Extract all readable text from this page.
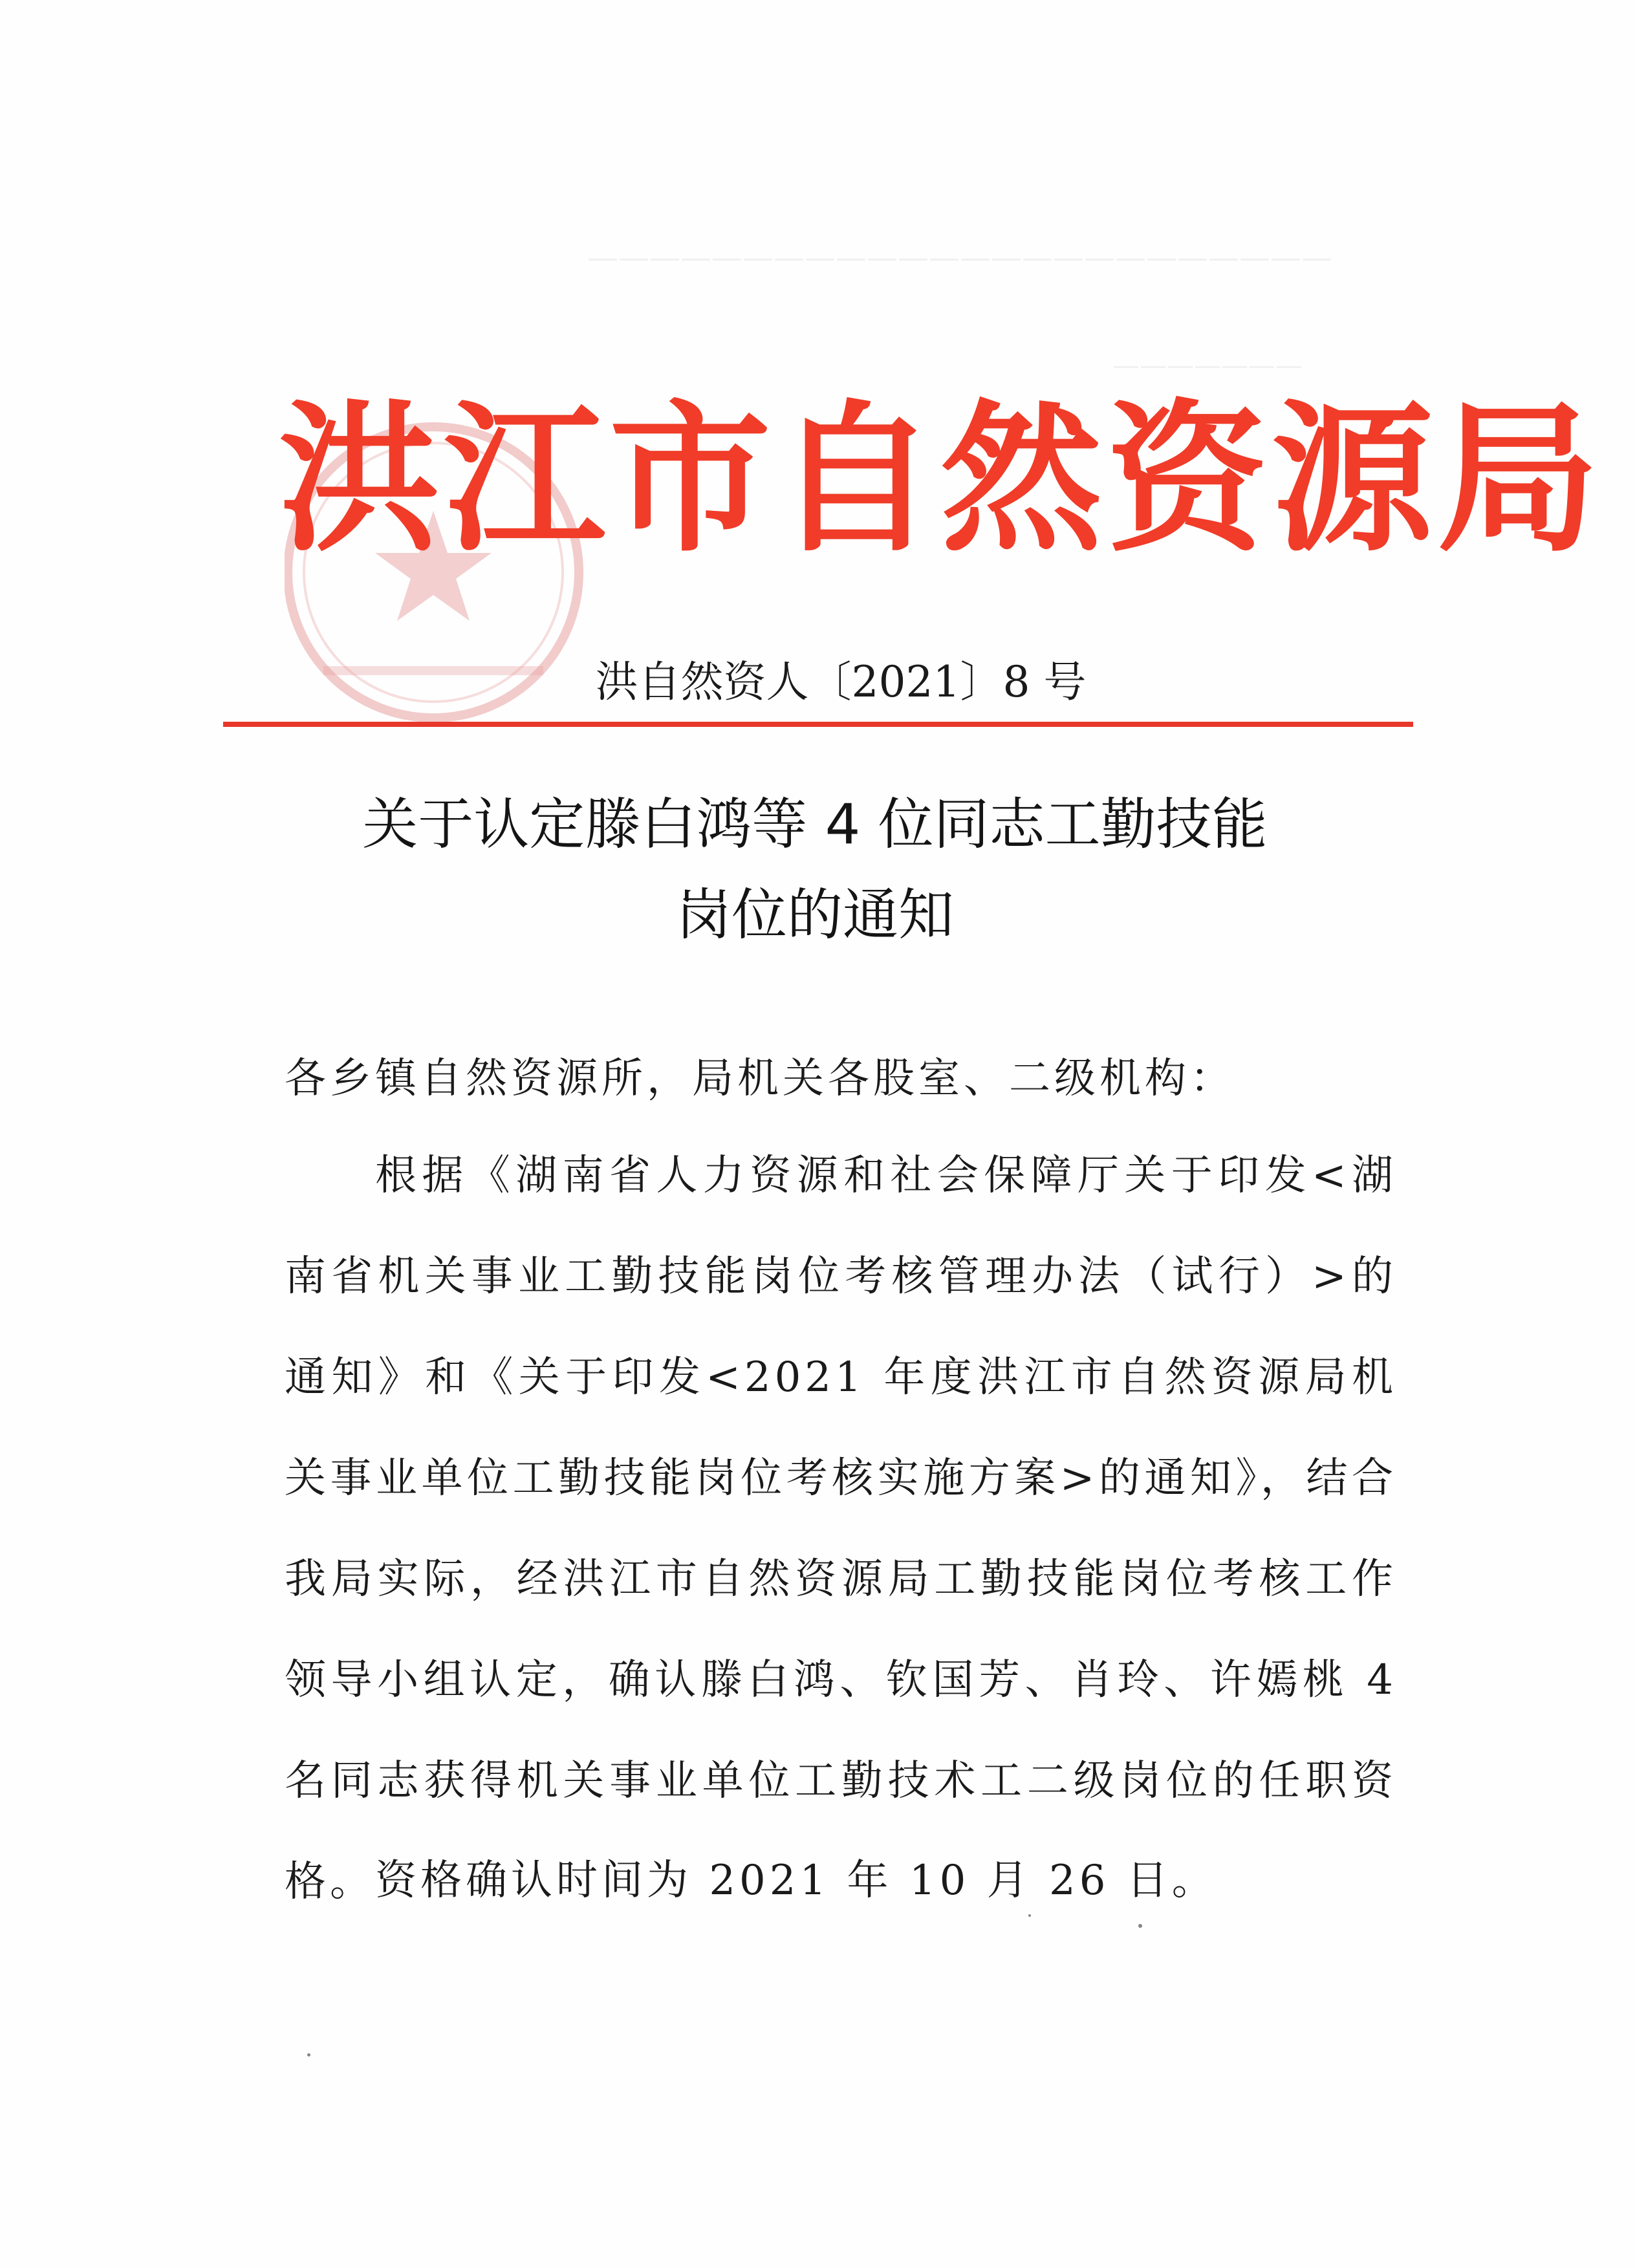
————————————————————————
———————
洪江市自然资源局
洪自然资人〔2021〕8 号
关于认定滕白鸿等 4 位同志工勤技能
岗位的通知
各乡镇自然资源所，局机关各股室、二级机构：
根据《湖南省人力资源和社会保障厅关于印发<湖南省机关事业工勤技能岗位考核管理办法（试行）>的通知》和《关于印发<2021 年度洪江市自然资源局机关事业单位工勤技能岗位考核实施方案>的通知》，结合我局实际，经洪江市自然资源局工勤技能岗位考核工作领导小组认定，确认滕白鸿、钦国芳、肖玲、许嫣桃 4 名同志获得机关事业单位工勤技术工二级岗位的任职资格。 资格确认时间为 2021 年 10 月 26 日。
